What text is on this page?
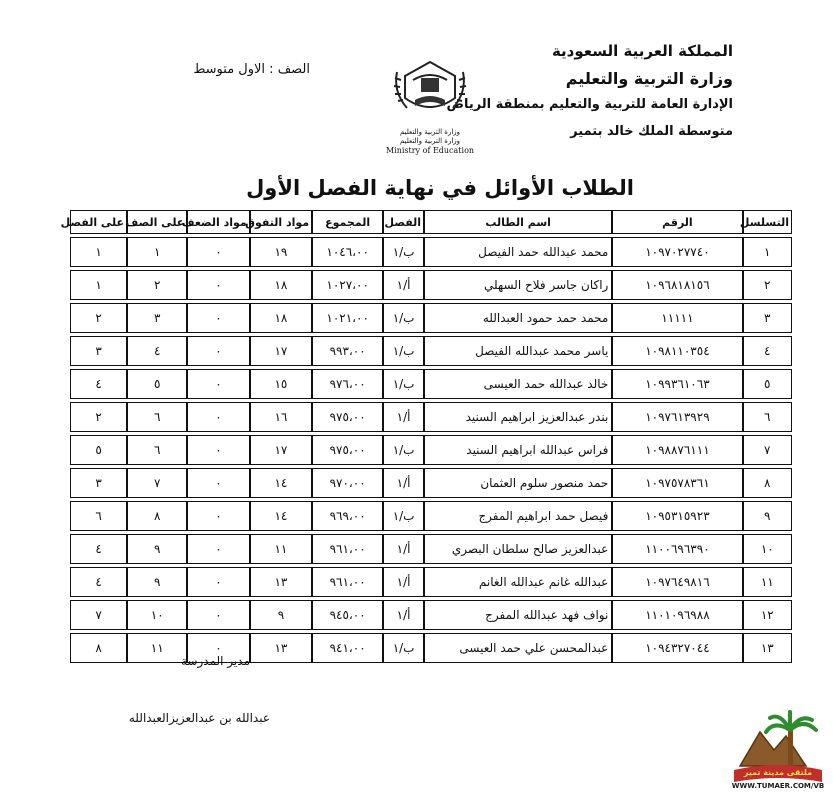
المملكة العربية السعودية
وزارة التربية والتعليم
الإدارة العامة للتربية والتعليم بمنطقة الرياض
متوسطة الملك خالد بتمير
الصف : الاول متوسط
وزارة التربية والتعليم
وزارة التربية والتعليم
Ministry of Education
الطلاب الأوائل في نهاية الفصل الأول
التسلسل	الرقم	اسم الطالب	الفصل	المجموع	مواد التفوق	مواد الضعف	على الصف	على الفصل

١	١٠٩٧٠٢٧٧٤٠	محمد عبدالله حمد الفيصل	ب/١	١٠٤٦،٠٠	١٩	٠	١	١

٢	١٠٩٦٨١٨١٥٦	راكان جاسر فلاح السهلي	أ/١	١٠٢٧،٠٠	١٨	٠	٢	١

٣	١١١١١	محمد حمد حمود العبدالله	ب/١	١٠٢١،٠٠	١٨	٠	٣	٢

٤	١٠٩٨١١٠٣٥٤	ياسر محمد عبدالله الفيصل	ب/١	٩٩٣،٠٠	١٧	٠	٤	٣

٥	١٠٩٩٣٦١٠٦٣	خالد عبدالله حمد العيسى	ب/١	٩٧٦،٠٠	١٥	٠	٥	٤

٦	١٠٩٧٦١٣٩٢٩	بندر عبدالعزيز ابراهيم السنيد	أ/١	٩٧٥،٠٠	١٦	٠	٦	٢

٧	١٠٩٨٨٧٦١١١	فراس عبدالله ابراهيم السنيد	ب/١	٩٧٥،٠٠	١٧	٠	٦	٥

٨	١٠٩٧٥٧٨٣٦١	حمد منصور سلوم العثمان	أ/١	٩٧٠،٠٠	١٤	٠	٧	٣

٩	١٠٩٥٣١٥٩٢٣	فيصل حمد ابراهيم المفرج	ب/١	٩٦٩،٠٠	١٤	٠	٨	٦

١٠	١١٠٠٦٩٦٣٩٠	عبدالعزيز صالح سلطان البصري	أ/١	٩٦١،٠٠	١١	٠	٩	٤

١١	١٠٩٧٦٤٩٨١٦	عبدالله غانم عبدالله الغانم	أ/١	٩٦١،٠٠	١٣	٠	٩	٤

١٢	١١٠١٠٩٦٩٨٨	نواف فهد عبدالله المفرج	أ/١	٩٤٥،٠٠	٩	٠	١٠	٧

١٣	١٠٩٤٣٢٧٠٤٤	عبدالمحسن علي حمد العيسى	ب/١	٩٤١،٠٠	١٣	٠	١١	٨
مدير المدرسة
عبدالله بن عبدالعزيزالعبدالله
ملتقى مدينة تمير
WWW.TUMAER.COM/VB
